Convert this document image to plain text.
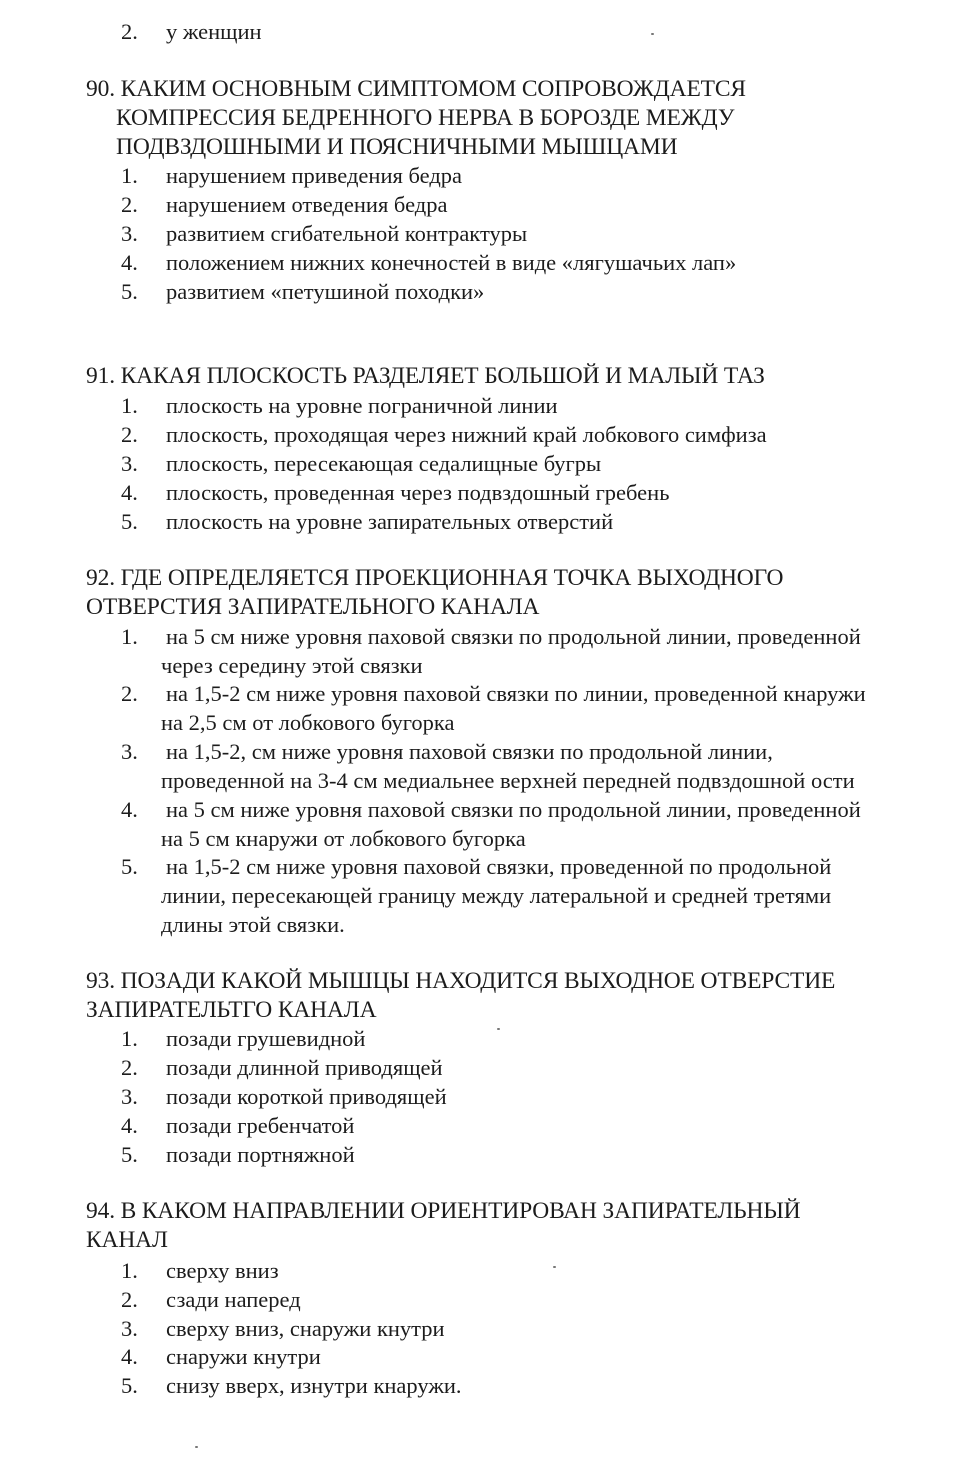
2.	у женщин
90. КАКИМ ОСНОВНЫМ СИМПТОМОМ СОПРОВОЖДАЕТСЯ
КОМПРЕССИЯ БЕДРЕННОГО НЕРВА В БОРОЗДЕ МЕЖДУ
ПОДВЗДОШНЫМИ И ПОЯСНИЧНЫМИ МЫШЦАМИ
1.	нарушением приведения бедра
2.	нарушением отведения бедра
3.	развитием сгибательной контрактуры
4.	положением нижних конечностей в виде «лягушачьих лап»
5.	развитием «петушиной походки»
91. КАКАЯ ПЛОСКОСТЬ РАЗДЕЛЯЕТ БОЛЬШОЙ И МАЛЫЙ ТАЗ
1.	плоскость на уровне пограничной линии
2.	плоскость, проходящая через нижний край лобкового симфиза
3.	плоскость, пересекающая седалищные бугры
4.	плоскость, проведенная через подвздошный гребень
5.	плоскость на уровне запирательных отверстий
92. ГДЕ ОПРЕДЕЛЯЕТСЯ ПРОЕКЦИОННАЯ ТОЧКА ВЫХОДНОГО
ОТВЕРСТИЯ ЗАПИРАТЕЛЬНОГО КАНАЛА
1.	на 5 см ниже уровня паховой связки по продольной линии, проведенной
через середину этой связки
2.	на 1,5-2 см ниже уровня паховой связки по линии, проведенной кнаружи
на 2,5 см от лобкового бугорка
3.	на 1,5-2, см ниже уровня паховой связки по продольной линии,
проведенной на 3-4 см медиальнее верхней передней подвздошной ости
4.	на 5 см ниже уровня паховой связки по продольной линии, проведенной
на 5 см кнаружи от лобкового бугорка
5.	на 1,5-2 см ниже уровня паховой связки, проведенной по продольной
линии, пересекающей границу между латеральной и средней третями
длины этой связки.
93. ПОЗАДИ КАКОЙ МЫШЦЫ НАХОДИТСЯ ВЫХОДНОЕ ОТВЕРСТИЕ
ЗАПИРАТЕЛЬТГО КАНАЛА
1.	позади грушевидной
2.	позади длинной приводящей
3.	позади короткой приводящей
4.	позади гребенчатой
5.	позади портняжной
94. В КАКОМ НАПРАВЛЕНИИ ОРИЕНТИРОВАН ЗАПИРАТЕЛЬНЫЙ
КАНАЛ
1.	сверху вниз
2.	сзади наперед
3.	сверху вниз, снаружи кнутри
4.	снаружи кнутри
5.	снизу вверх, изнутри кнаружи.
